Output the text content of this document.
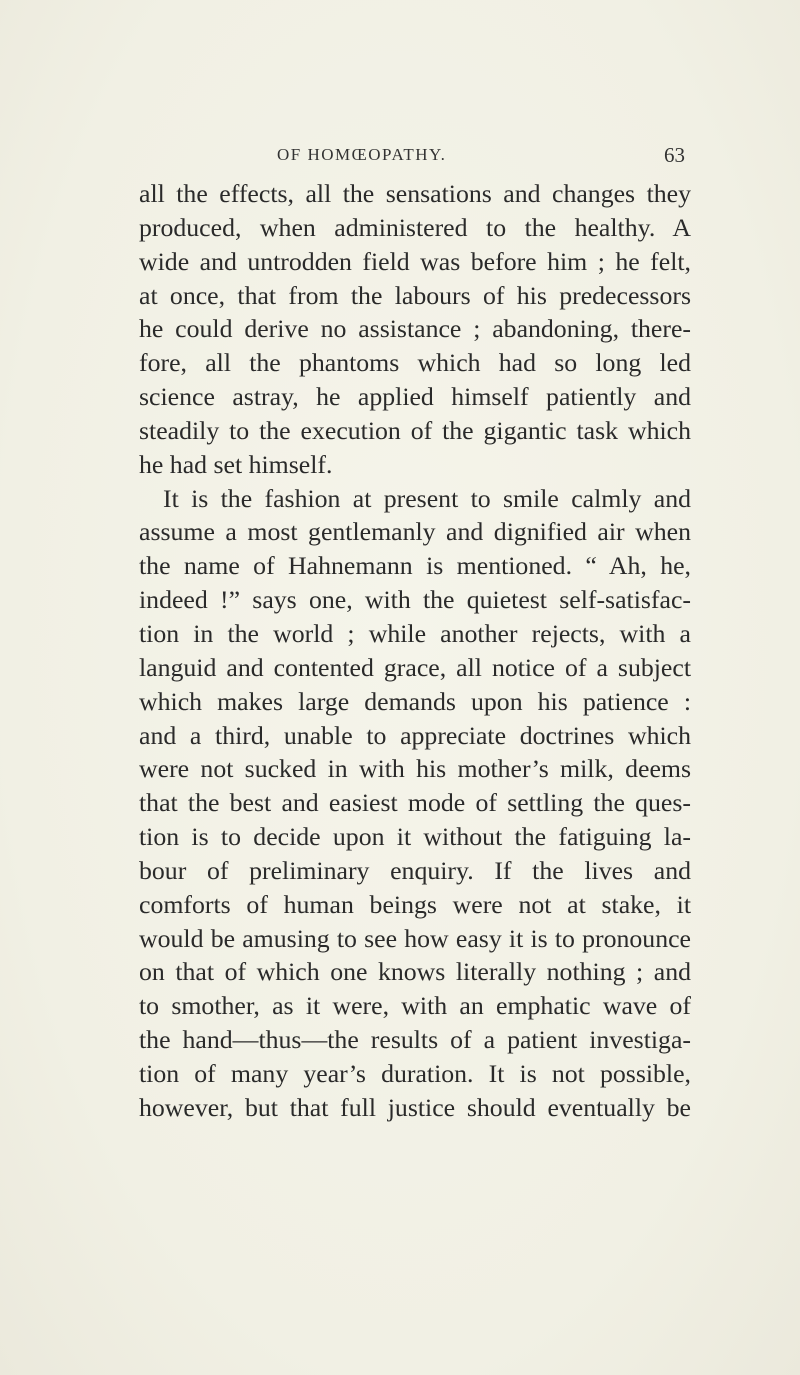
OF HOMŒOPATHY.	63
all the effects, all the sensations and changes they
produced, when administered to the healthy. A
wide and untrodden field was before him ; he felt,
at once, that from the labours of his predecessors
he could derive no assistance ; abandoning, there-
fore, all the phantoms which had so long led
science astray, he applied himself patiently and
steadily to the execution of the gigantic task which
he had set himself.
It is the fashion at present to smile calmly and
assume a most gentlemanly and dignified air when
the name of Hahnemann is mentioned. “ Ah, he,
indeed !” says one, with the quietest self-satisfac-
tion in the world ; while another rejects, with a
languid and contented grace, all notice of a subject
which makes large demands upon his patience :
and a third, unable to appreciate doctrines which
were not sucked in with his mother’s milk, deems
that the best and easiest mode of settling the ques-
tion is to decide upon it without the fatiguing la-
bour of preliminary enquiry. If the lives and
comforts of human beings were not at stake, it
would be amusing to see how easy it is to pronounce
on that of which one knows literally nothing ; and
to smother, as it were, with an emphatic wave of
the hand—thus—the results of a patient investiga-
tion of many year’s duration. It is not possible,
however, but that full justice should eventually be
